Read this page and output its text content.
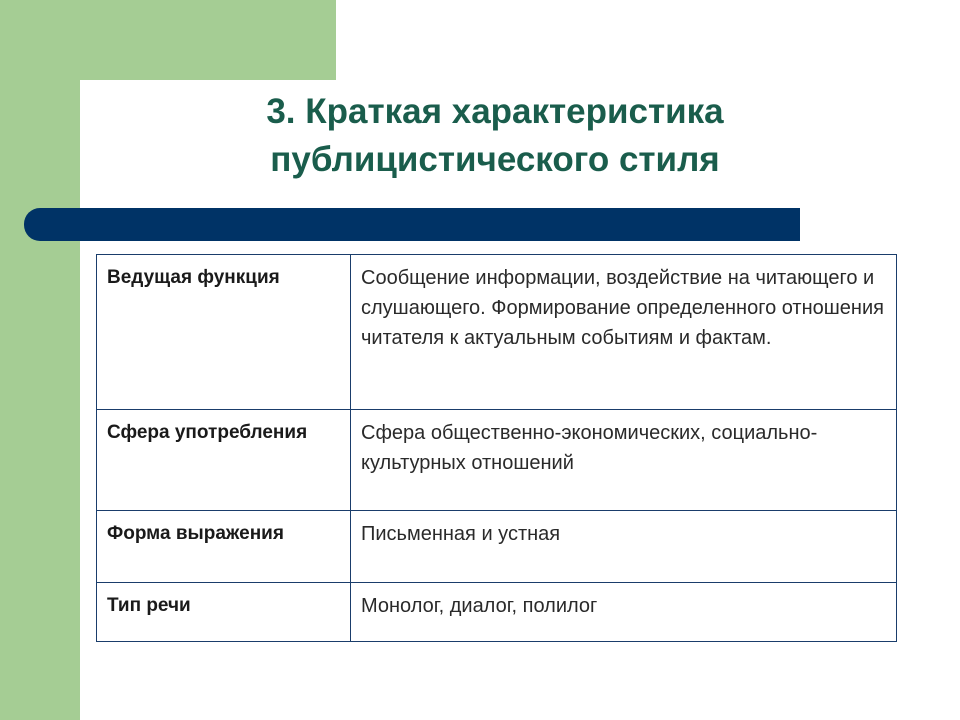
3. Краткая характеристика
публицистического стиля
Ведущая функция	Сообщение информации, воздействие на читающего и слушающего. Формирование определенного отношения читателя к актуальным событиям и фактам.
Сфера употребления	Сфера общественно-экономических, социально-культурных отношений
Форма выражения	Письменная и устная
Тип речи	Монолог, диалог, полилог
